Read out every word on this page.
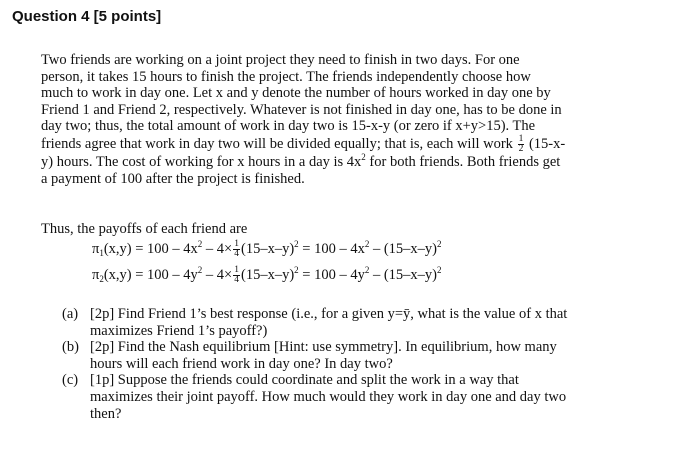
Question 4 [5 points]
Two friends are working on a joint project they need to finish in two days. For one
person, it takes 15 hours to finish the project. The friends independently choose how
much to work in day one. Let x and y denote the number of hours worked in day one by
Friend 1 and Friend 2, respectively. Whatever is not finished in day one, has to be done in
day two; thus, the total amount of work in day two is 15-x-y (or zero if x+y>15). The
friends agree that work in day two will be divided equally; that is, each will work $\frac{1}{2} (15-x-$
y) hours. The cost of working for x hours in a day is $4x^2$ for both friends. Both friends get
a payment of 100 after the project is finished.
Thus, the payoffs of each friend are
$\pi_1(x,y) = 100 - 4x^2 - 4\times \frac{1}{4} (15-x-y)^2 = 100 - 4x^2 - (15-x-y)^2$
$\pi_2(x,y) = 100 - 4y^2 - 4\times \frac{1}{4} (15-x-y)^2 = 100 - 4y^2 - (15-x-y)^2$
(a) [2p] Find Friend 1’s best response (i.e., for a given y=ȳ, what is the value of x that
maximizes Friend 1’s payoff?)
(b) [2p] Find the Nash equilibrium [Hint: use symmetry]. In equilibrium, how many
hours will each friend work in day one? In day two?
(c) [1p] Suppose the friends could coordinate and split the work in a way that
maximizes their joint payoff. How much would they work in day one and day two
then?
